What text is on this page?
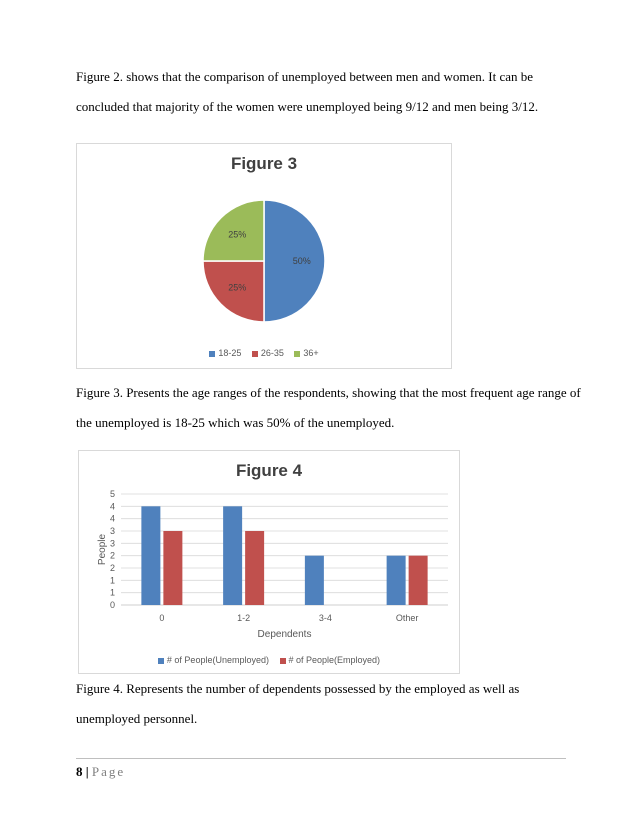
Figure 2. shows that the comparison of unemployed between men and women. It can be
concluded that majority of the women were unemployed being 9/12 and men being 3/12.

Figure 3
50%
25%
25%
18-25 26-35 36+

Figure 3. Presents the age ranges of the respondents, showing that the most frequent age range of
the unemployed is 18-25 which was 50% of the unemployed.

Figure 4
0
1
1
2
2
3
3
4
4
5
0	1-2	3-4	Other
Dependents
People
# of People(Unemployed) # of People(Employed)

Figure 4. Represents the number of dependents possessed by the employed as well as
unemployed personnel.

8 | Page
